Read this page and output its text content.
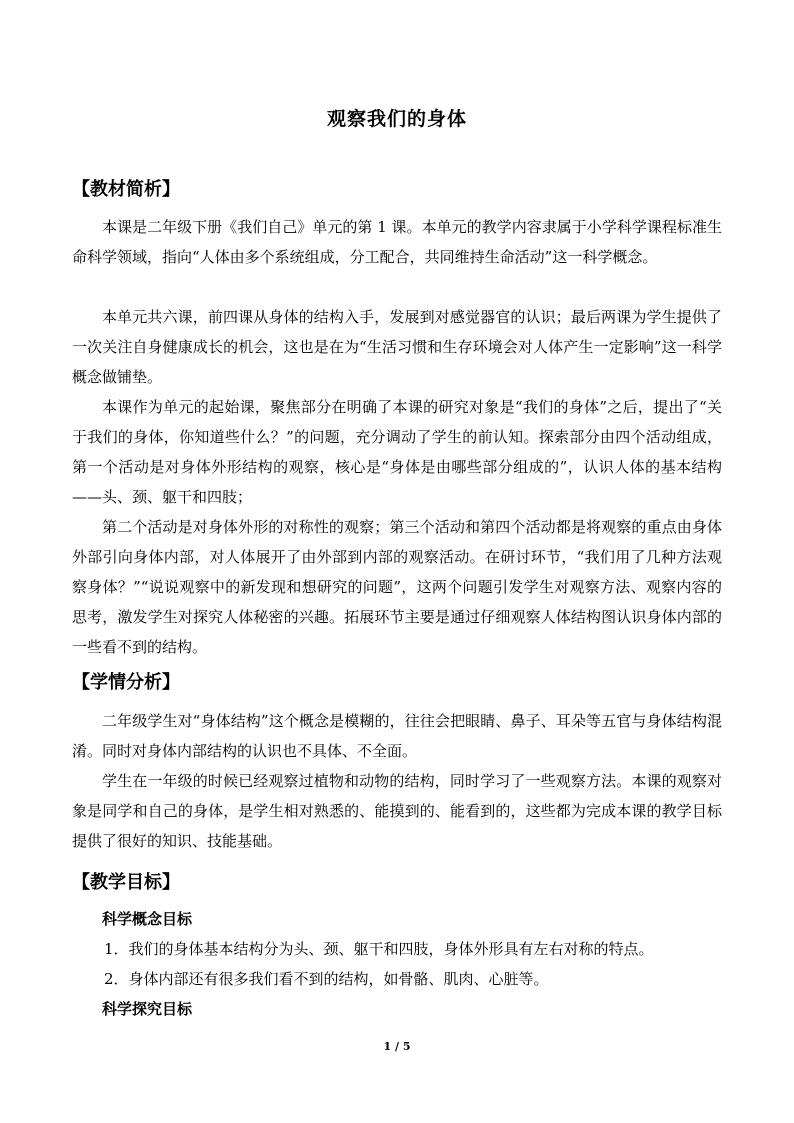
观察我们的身体
【教材简析】

本课是二年级下册《我们自己》单元的第 1 课。本单元的教学内容隶属于小学科学课程标准生命科学领域，指向“人体由多个系统组成，分工配合，共同维持生命活动”这一科学概念。

本单元共六课，前四课从身体的结构入手，发展到对感觉器官的认识；最后两课为学生提供了一次关注自身健康成长的机会，这也是在为“生活习惯和生存环境会对人体产生一定影响”这一科学概念做铺垫。

本课作为单元的起始课，聚焦部分在明确了本课的研究对象是“我们的身体”之后，提出了“关于我们的身体，你知道些什么？”的问题，充分调动了学生的前认知。探索部分由四个活动组成，第一个活动是对身体外形结构的观察，核心是“身体是由哪些部分组成的”，认识人体的基本结构——头、颈、躯干和四肢；

第二个活动是对身体外形的对称性的观察；第三个活动和第四个活动都是将观察的重点由身体外部引向身体内部，对人体展开了由外部到内部的观察活动。在研讨环节，“我们用了几种方法观察身体？”“说说观察中的新发现和想研究的问题”，这两个问题引发学生对观察方法、观察内容的思考，激发学生对探究人体秘密的兴趣。拓展环节主要是通过仔细观察人体结构图认识身体内部的一些看不到的结构。

【学情分析】

二年级学生对“身体结构”这个概念是模糊的，往往会把眼睛、鼻子、耳朵等五官与身体结构混淆。同时对身体内部结构的认识也不具体、不全面。

学生在一年级的时候已经观察过植物和动物的结构，同时学习了一些观察方法。本课的观察对象是同学和自己的身体，是学生相对熟悉的、能摸到的、能看到的，这些都为完成本课的教学目标提供了很好的知识、技能基础。

【教学目标】
科学概念目标
1．我们的身体基本结构分为头、颈、躯干和四肢，身体外形具有左右对称的特点。
2．身体内部还有很多我们看不到的结构，如骨骼、肌肉、心脏等。
科学探究目标
1 / 5
